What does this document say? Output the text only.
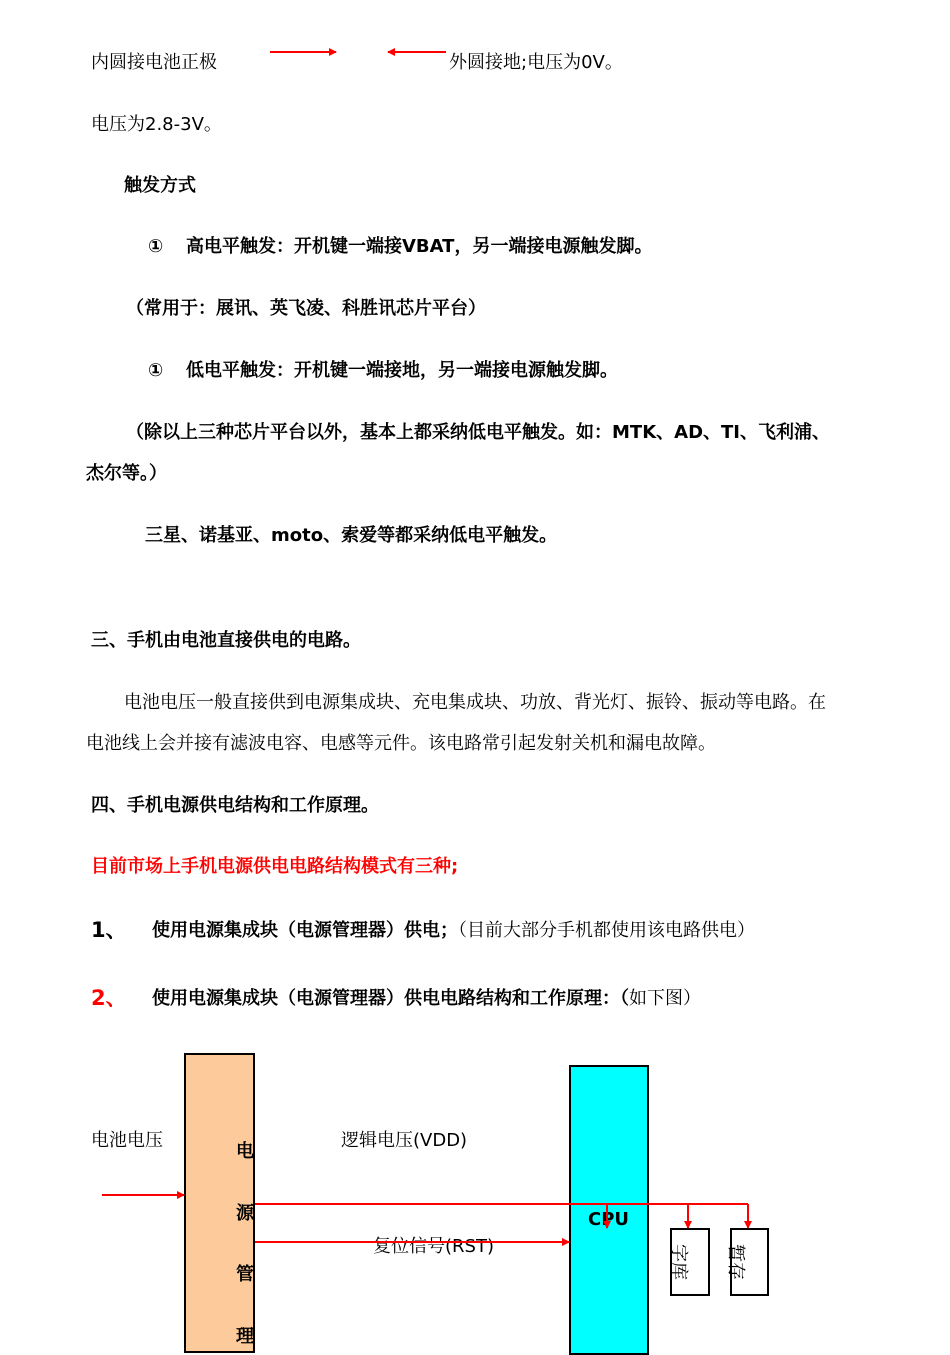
内圆接电池正极	外圆接地;电压为0V。
电压为2.8-3V。
触发方式
① 高电平触发：开机键一端接VBAT，另一端接电源触发脚。
（常用于：展讯、英飞凌、科胜讯芯片平台）
① 低电平触发：开机键一端接地，另一端接电源触发脚。
（除以上三种芯片平台以外，基本上都采纳低电平触发。如：MTK、AD、TI、飞利浦、
杰尔等。）
三星、诺基亚、moto、索爱等都采纳低电平触发。
三、手机由电池直接供电的电路。
电池电压一般直接供到电源集成块、充电集成块、功放、背光灯、振铃、振动等电路。在
电池线上会并接有滤波电容、电感等元件。该电路常引起发射关机和漏电故障。
四、手机电源供电结构和工作原理。
目前市场上手机电源供电电路结构模式有三种;
1、 使用电源集成块（电源管理器）供电；（目前大部分手机都使用该电路供电）
2、 使用电源集成块（电源管理器）供电电路结构和工作原理：（如下图）
电
源
管
理
CPU
字库 暂存
电池电压	逻辑电压(VDD)
复位信号(RST)
